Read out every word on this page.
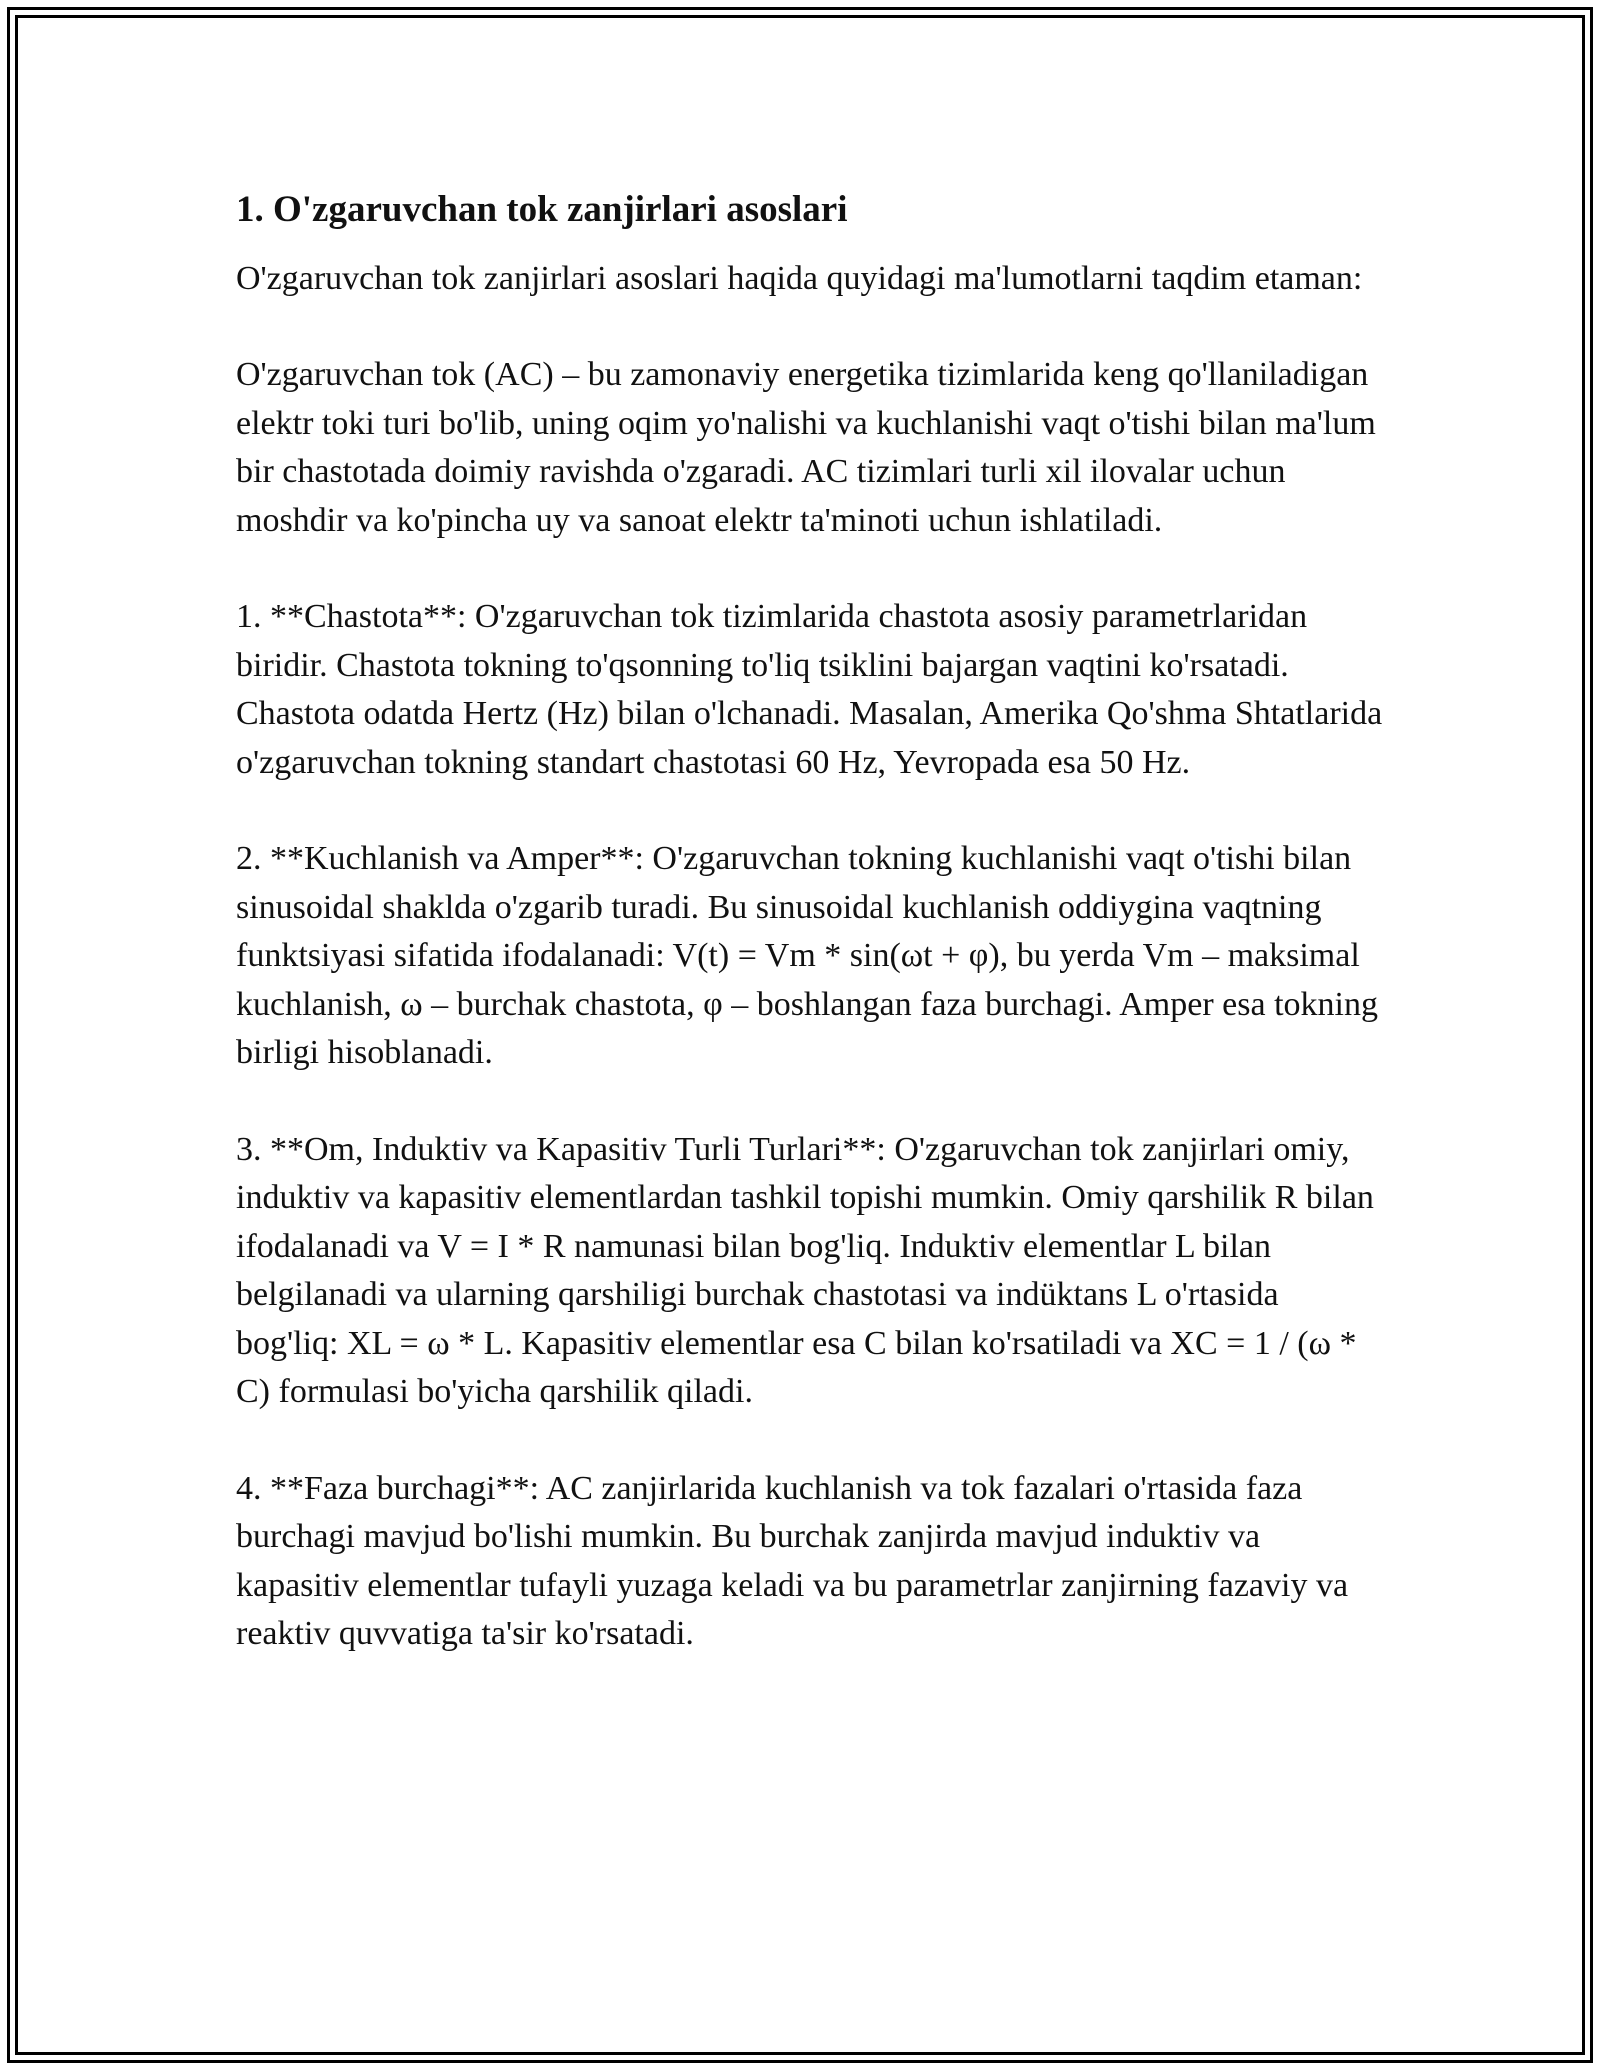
1. O'zgaruvchan tok zanjirlari asoslari

O'zgaruvchan tok zanjirlari asoslari haqida quyidagi ma'lumotlarni taqdim etaman:

O'zgaruvchan tok (AC) – bu zamonaviy energetika tizimlarida keng qo'llaniladigan elektr toki turi bo'lib, uning oqim yo'nalishi va kuchlanishi vaqt o'tishi bilan ma'lum bir chastotada doimiy ravishda o'zgaradi. AC tizimlari turli xil ilovalar uchun moshdir va ko'pincha uy va sanoat elektr ta'minoti uchun ishlatiladi.

1. **Chastota**: O'zgaruvchan tok tizimlarida chastota asosiy parametrlaridan biridir. Chastota tokning to'qsonning to'liq tsiklini bajargan vaqtini ko'rsatadi. Chastota odatda Hertz (Hz) bilan o'lchanadi. Masalan, Amerika Qo'shma Shtatlarida o'zgaruvchan tokning standart chastotasi 60 Hz, Yevropada esa 50 Hz.

2. **Kuchlanish va Amper**: O'zgaruvchan tokning kuchlanishi vaqt o'tishi bilan sinusoidal shaklda o'zgarib turadi. Bu sinusoidal kuchlanish oddiygina vaqtning funktsiyasi sifatida ifodalanadi: V(t) = Vm * sin(ωt + φ), bu yerda Vm – maksimal kuchlanish, ω – burchak chastota, φ – boshlangan faza burchagi. Amper esa tokning birligi hisoblanadi.

3. **Om, Induktiv va Kapasitiv Turli Turlari**: O'zgaruvchan tok zanjirlari omiy, induktiv va kapasitiv elementlardan tashkil topishi mumkin. Omiy qarshilik R bilan ifodalanadi va V = I * R namunasi bilan bog'liq. Induktiv elementlar L bilan belgilanadi va ularning qarshiligi burchak chastotasi va indüktans L o'rtasida bog'liq: XL = ω * L. Kapasitiv elementlar esa C bilan ko'rsatiladi va XC = 1 / (ω * C) formulasi bo'yicha qarshilik qiladi.

4. **Faza burchagi**: AC zanjirlarida kuchlanish va tok fazalari o'rtasida faza burchagi mavjud bo'lishi mumkin. Bu burchak zanjirda mavjud induktiv va kapasitiv elementlar tufayli yuzaga keladi va bu parametrlar zanjirning fazaviy va reaktiv quvvatiga ta'sir ko'rsatadi.
